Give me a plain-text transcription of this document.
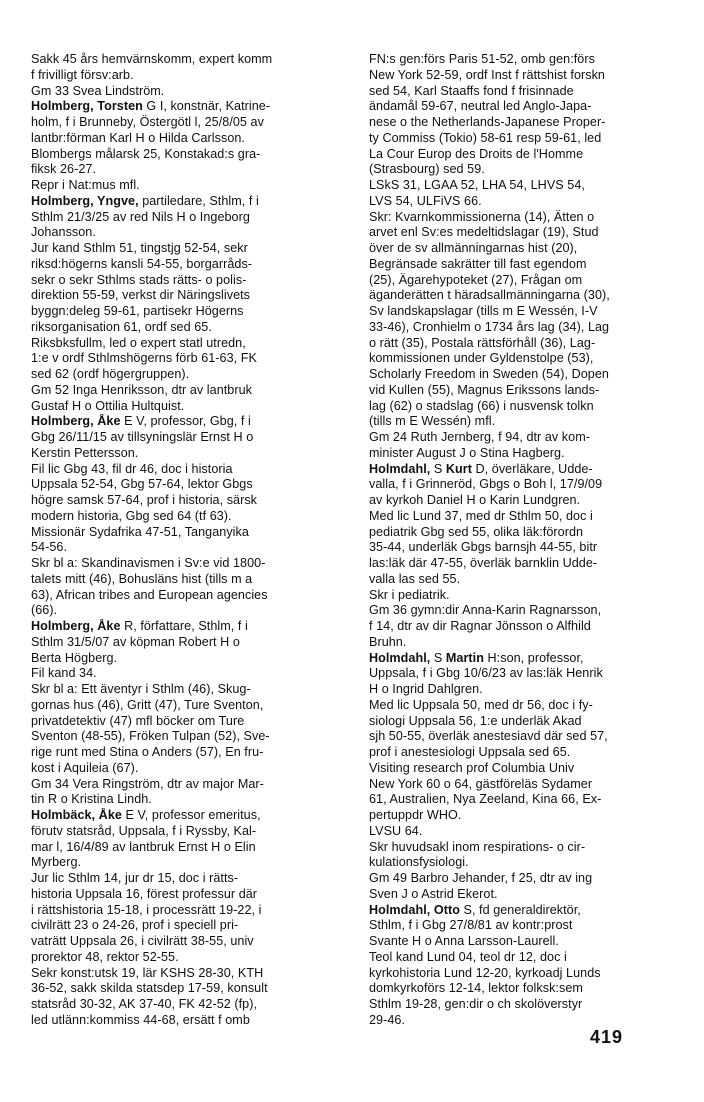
Sakk 45 års hemvärnskomm, expert komm
f frivilligt försv:arb.
Gm 33 Svea Lindström.
Holmberg, Torsten G I, konstnär, Katrine-
holm, f i Brunneby, Östergötl l, 25/8/05 av
lantbr:förman Karl H o Hilda Carlsson.
Blombergs målarsk 25, Konstakad:s gra-
fiksk 26-27.
Repr i Nat:mus mfl.
Holmberg, Yngve, partiledare, Sthlm, f i
Sthlm 21/3/25 av red Nils H o Ingeborg
Johansson.
Jur kand Sthlm 51, tingstjg 52-54, sekr
riksd:högerns kansli 54-55, borgarråds-
sekr o sekr Sthlms stads rätts- o polis-
direktion 55-59, verkst dir Näringslivets
byggn:deleg 59-61, partisekr Högerns
riksorganisation 61, ordf sed 65.
Riksbksfullm, led o expert statl utredn,
1:e v ordf Sthlmshögerns förb 61-63, FK
sed 62 (ordf högergruppen).
Gm 52 Inga Henriksson, dtr av lantbruk
Gustaf H o Ottilia Hultquist.
Holmberg, Åke E V, professor, Gbg, f i
Gbg 26/11/15 av tillsyningslär Ernst H o
Kerstin Pettersson.
Fil lic Gbg 43, fil dr 46, doc i historia
Uppsala 52-54, Gbg 57-64, lektor Gbgs
högre samsk 57-64, prof i historia, särsk
modern historia, Gbg sed 64 (tf 63).
Missionär Sydafrika 47-51, Tanganyika
54-56.
Skr bl a: Skandinavismen i Sv:e vid 1800-
talets mitt (46), Bohusläns hist (tills m a
63), African tribes and European agencies
(66).
Holmberg, Åke R, författare, Sthlm, f i
Sthlm 31/5/07 av köpman Robert H o
Berta Högberg.
Fil kand 34.
Skr bl a: Ett äventyr i Sthlm (46), Skug-
gornas hus (46), Gritt (47), Ture Sventon,
privatdetektiv (47) mfl böcker om Ture
Sventon (48-55), Fröken Tulpan (52), Sve-
rige runt med Stina o Anders (57), En fru-
kost i Aquileia (67).
Gm 34 Vera Ringström, dtr av major Mar-
tin R o Kristina Lindh.
Holmbäck, Åke E V, professor emeritus,
förutv statsråd, Uppsala, f i Ryssby, Kal-
mar l, 16/4/89 av lantbruk Ernst H o Elin
Myrberg.
Jur lic Sthlm 14, jur dr 15, doc i rätts-
historia Uppsala 16, förest professur där
i rättshistoria 15-18, i processrätt 19-22, i
civilrätt 23 o 24-26, prof i speciell pri-
vaträtt Uppsala 26, i civilrätt 38-55, univ
prorektor 48, rektor 52-55.
Sekr konst:utsk 19, lär KSHS 28-30, KTH
36-52, sakk skilda statsdep 17-59, konsult
statsråd 30-32, AK 37-40, FK 42-52 (fp),
led utlänn:kommiss 44-68, ersätt f omb
FN:s gen:förs Paris 51-52, omb gen:förs
New York 52-59, ordf Inst f rättshist forskn
sed 54, Karl Staaffs fond f frisinnade
ändamål 59-67, neutral led Anglo-Japa-
nese o the Netherlands-Japanese Proper-
ty Commiss (Tokio) 58-61 resp 59-61, led
La Cour Europ des Droits de l'Homme
(Strasbourg) sed 59.
LSkS 31, LGAA 52, LHA 54, LHVS 54,
LVS 54, ULFiVS 66.
Skr: Kvarnkommissionerna (14), Ätten o
arvet enl Sv:es medeltidslagar (19), Stud
över de sv allmänningarnas hist (20),
Begränsade sakrätter till fast egendom
(25), Ägarehypoteket (27), Frågan om
äganderätten t häradsallmänningarna (30),
Sv landskapslagar (tills m E Wessén, I-V
33-46), Cronhielm o 1734 års lag (34), Lag
o rätt (35), Postala rättsförhåll (36), Lag-
kommissionen under Gyldenstolpe (53),
Scholarly Freedom in Sweden (54), Dopen
vid Kullen (55), Magnus Erikssons lands-
lag (62) o stadslag (66) i nusvensk tolkn
(tills m E Wessén) mfl.
Gm 24 Ruth Jernberg, f 94, dtr av kom-
minister August J o Stina Hagberg.
Holmdahl, S Kurt D, överläkare, Udde-
valla, f i Grinneröd, Gbgs o Boh l, 17/9/09
av kyrkoh Daniel H o Karin Lundgren.
Med lic Lund 37, med dr Sthlm 50, doc i
pediatrik Gbg sed 55, olika läk:förordn
35-44, underläk Gbgs barnsjh 44-55, bitr
las:läk där 47-55, överläk barnklin Udde-
valla las sed 55.
Skr i pediatrik.
Gm 36 gymn:dir Anna-Karin Ragnarsson,
f 14, dtr av dir Ragnar Jönsson o Alfhild
Bruhn.
Holmdahl, S Martin H:son, professor,
Uppsala, f i Gbg 10/6/23 av las:läk Henrik
H o Ingrid Dahlgren.
Med lic Uppsala 50, med dr 56, doc i fy-
siologi Uppsala 56, 1:e underläk Akad
sjh 50-55, överläk anestesiavd där sed 57,
prof i anestesiologi Uppsala sed 65.
Visiting research prof Columbia Univ
New York 60 o 64, gästföreläs Sydamer
61, Australien, Nya Zeeland, Kina 66, Ex-
pertuppdr WHO.
LVSU 64.
Skr huvudsakl inom respirations- o cir-
kulationsfysiologi.
Gm 49 Barbro Jehander, f 25, dtr av ing
Sven J o Astrid Ekerot.
Holmdahl, Otto S, fd generaldirektör,
Sthlm, f i Gbg 27/8/81 av kontr:prost
Svante H o Anna Larsson-Laurell.
Teol kand Lund 04, teol dr 12, doc i
kyrkohistoria Lund 12-20, kyrkoadj Lunds
domkyrkoförs 12-14, lektor folksk:sem
Sthlm 19-28, gen:dir o ch skolöverstyr
29-46.
419
